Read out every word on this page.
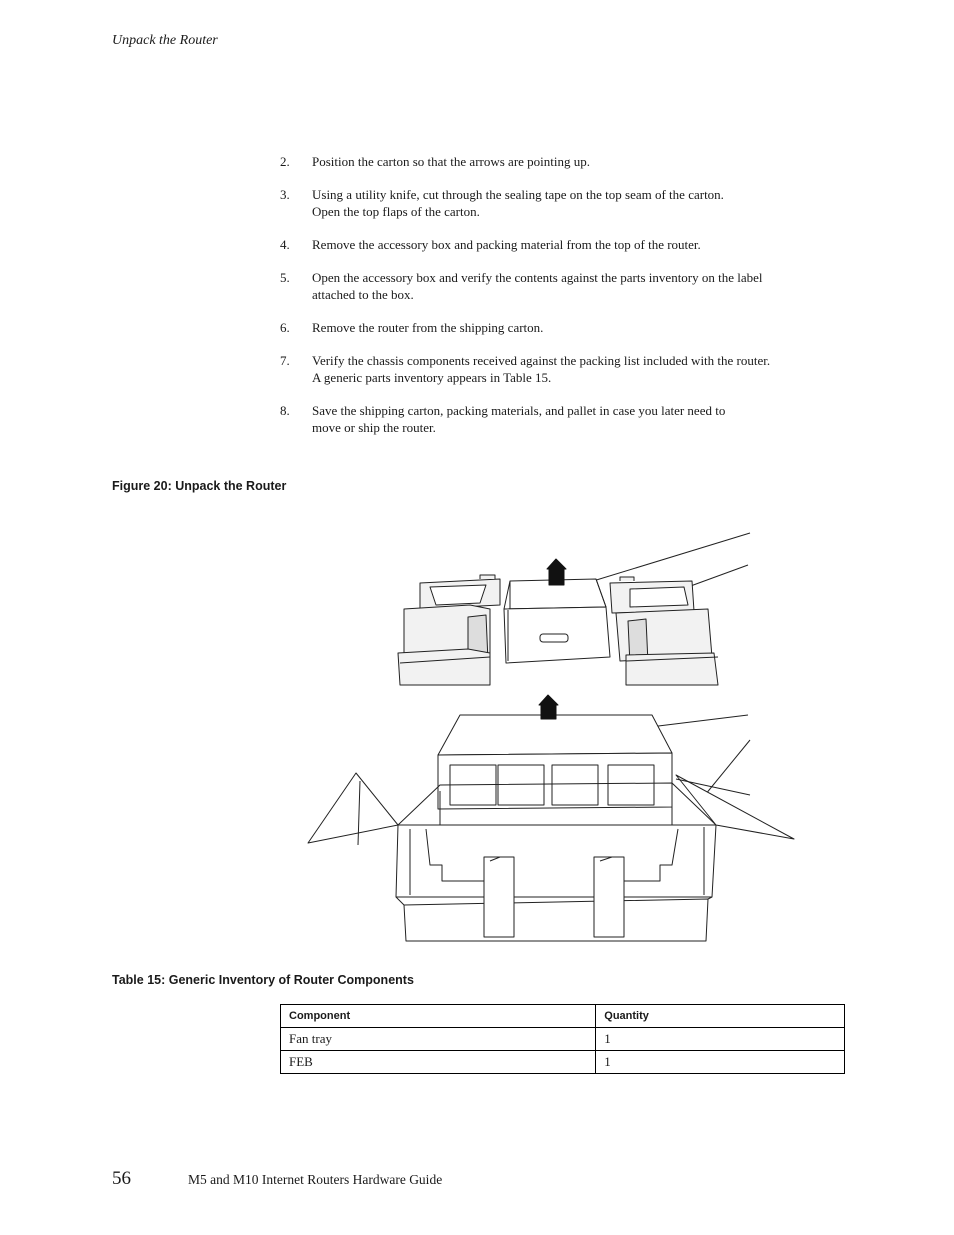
Unpack the Router
2.	Position the carton so that the arrows are pointing up.
3.	Using a utility knife, cut through the sealing tape on the top seam of the carton.
Open the top flaps of the carton.
4.	Remove the accessory box and packing material from the top of the router.
5.	Open the accessory box and verify the contents against the parts inventory on the label
attached to the box.
6.	Remove the router from the shipping carton.
7.	Verify the chassis components received against the packing list included with the router.
A generic parts inventory appears in Table 15.
8.	Save the shipping carton, packing materials, and pallet in case you later need to
move or ship the router.
Figure 20: Unpack the Router
Table 15: Generic Inventory of Router Components
Component	Quantity
Fan tray	1
FEB	1
56	M5 and M10 Internet Routers Hardware Guide
